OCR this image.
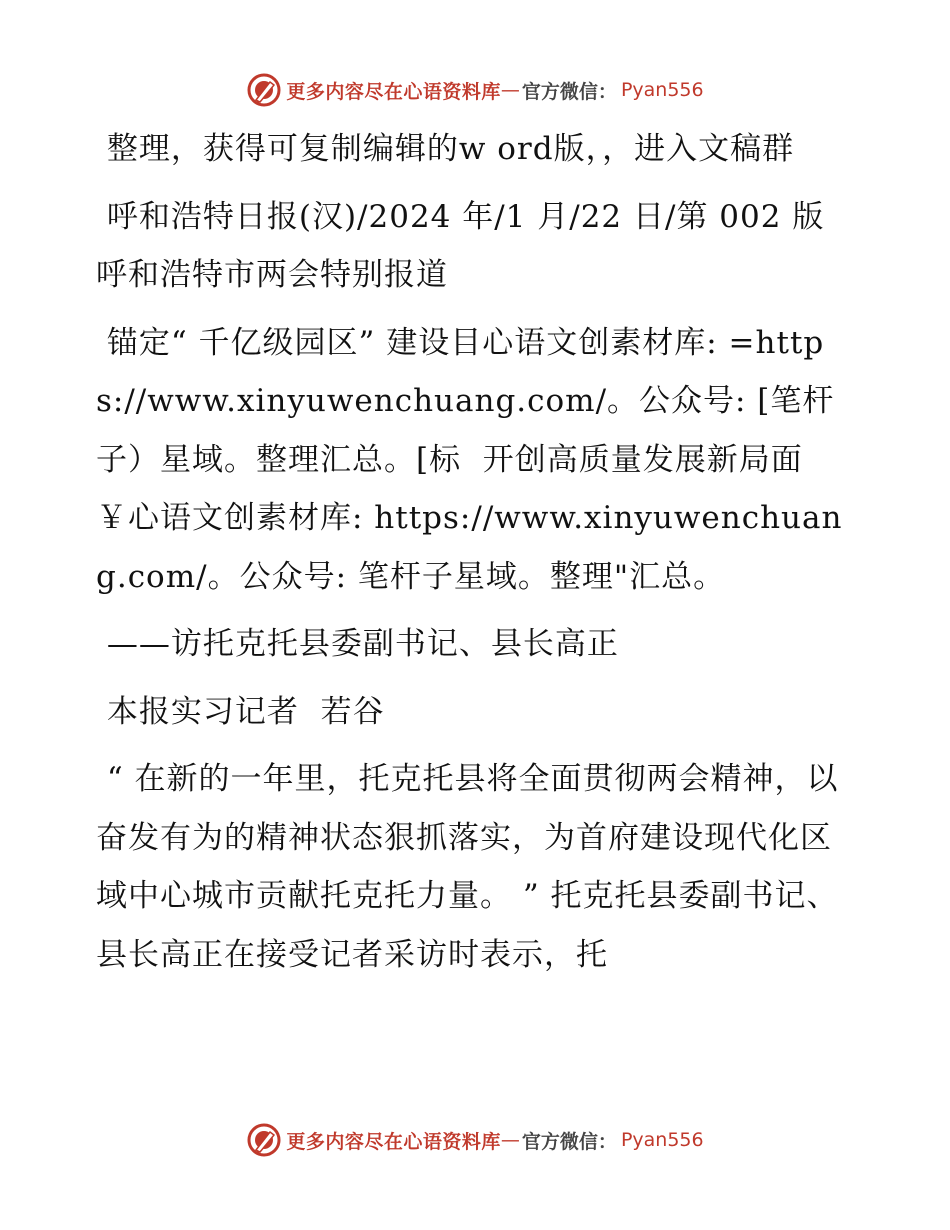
更多内容尽在心语资料库 — 官方微信： Pyan556

整理，获得可复制编辑的w ord版，，进入文稿群

呼和浩特日报(汉)/2024 年/1 月/22 日/第 002 版呼和浩特市两会特别报道

锚定“ 千亿级园区” 建设目心语文创素材库: =https://www.xinyuwenchuang.com/。公众号: [笔杆子）星域。整理汇总。[标  开创高质量发展新局面￥心语文创素材库: https://www.xinyuwenchuang.com/。公众号: 笔杆子星域。整理"汇总。

——访托克托县委副书记、县长高正

本报实习记者  若谷

“ 在新的一年里，托克托县将全面贯彻两会精神，以奋发有为的精神状态狠抓落实，为首府建设现代化区域中心城市贡献托克托力量。 ” 托克托县委副书记、县长高正在接受记者采访时表示，托

更多内容尽在心语资料库 — 官方微信： Pyan556
